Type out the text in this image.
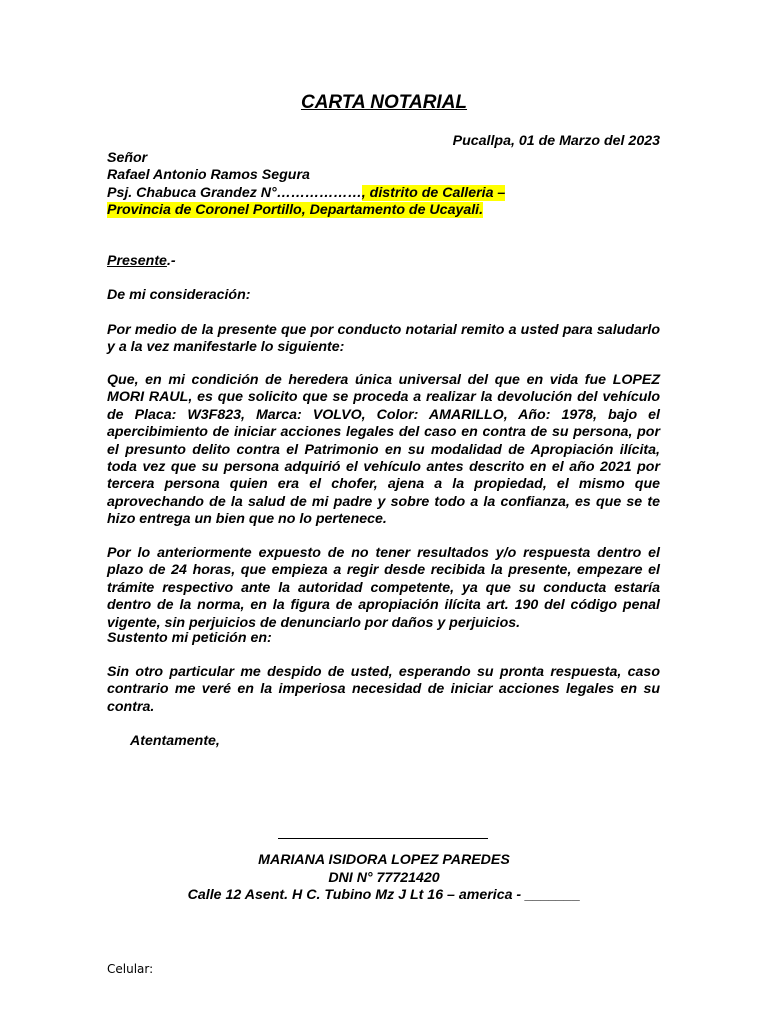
CARTA NOTARIAL
Pucallpa, 01 de Marzo del 2023
Señor
Rafael Antonio Ramos Segura
Psj. Chabuca Grandez N°………………, distrito de Calleria –
Provincia de Coronel Portillo, Departamento de Ucayali.
Presente.-
De mi consideración:
Por medio de la presente que por conducto notarial remito a usted para saludarlo y a la vez manifestarle lo siguiente:
Que, en mi condición de heredera única universal del que en vida fue LOPEZ MORI RAUL, es que solicito que se proceda a realizar la devolución del vehículo de Placa: W3F823, Marca: VOLVO, Color: AMARILLO, Año: 1978, bajo el apercibimiento de iniciar acciones legales del caso en contra de su persona, por el presunto delito contra el Patrimonio en su modalidad de Apropiación ilícita, toda vez que su persona adquirió el vehículo antes descrito en el año 2021 por tercera persona quien era el chofer, ajena a la propiedad, el mismo que aprovechando de la salud de mi padre y sobre todo a la confianza, es que se te hizo entrega un bien que no lo pertenece.
Por lo anteriormente expuesto de no tener resultados y/o respuesta dentro el plazo de 24 horas, que empieza a regir desde recibida la presente, empezare el trámite respectivo ante la autoridad competente, ya que su conducta estaría dentro de la norma, en la figura de apropiación ilícita art. 190 del código penal vigente, sin perjuicios de denunciarlo por daños y perjuicios.
Sustento mi petición en:
Sin otro particular me despido de usted, esperando su pronta respuesta, caso contrario me veré en la imperiosa necesidad de iniciar acciones legales en su contra.
Atentamente,
MARIANA ISIDORA LOPEZ PAREDES
DNI N° 77721420
Calle 12 Asent. H C. Tubino Mz J Lt 16 – america - _______
Celular:
